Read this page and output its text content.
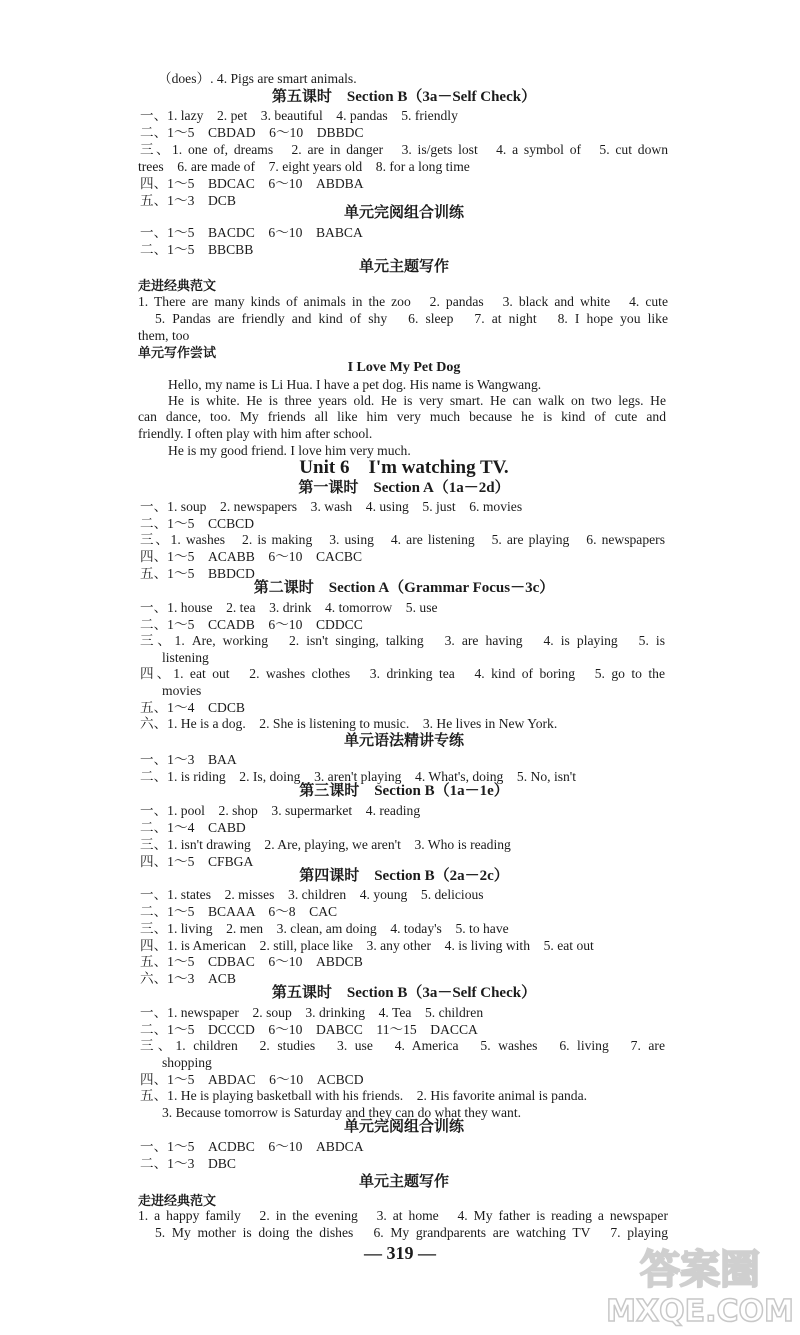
（does）. 4. Pigs are smart animals.
第五课时　Section B（3a－Self Check）
一、1. lazy　2. pet　3. beautiful　4. pandas　5. friendly
二、1～5　CBDAD　6～10　DBBDC
三、1. one of, dreams　2. are in danger　3. is/gets lost　4. a symbol of　5. cut down
trees　6. are made of　7. eight years old　8. for a long time
四、1～5　BDCAC　6～10　ABDBA
五、1～3　DCB
单元完阅组合训练
一、1～5　BACDC　6～10　BABCA
二、1～5　BBCBB
单元主题写作
走进经典范文
1. There are many kinds of animals in the zoo　2. pandas　3. black and white　4. cute
5. Pandas are friendly and kind of shy　6. sleep　7. at night　8. I hope you like
them, too
单元写作尝试
I Love My Pet Dog
Hello, my name is Li Hua. I have a pet dog. His name is Wangwang.
He is white. He is three years old. He is very smart. He can walk on two legs. He
can dance, too. My friends all like him very much because he is kind of cute and
friendly. I often play with him after school.
He is my good friend. I love him very much.
Unit 6　I'm watching TV.
第一课时　Section A（1a－2d）
一、1. soup　2. newspapers　3. wash　4. using　5. just　6. movies
二、1～5　CCBCD
三、1. washes　2. is making　3. using　4. are listening　5. are playing　6. newspapers
四、1～5　ACABB　6～10　CACBC
五、1～5　BBDCD
第二课时　Section A（Grammar Focus－3c）
一、1. house　2. tea　3. drink　4. tomorrow　5. use
二、1～5　CCADB　6～10　CDDCC
三、1. Are, working　2. isn't singing, talking　3. are having　4. is playing　5. is
listening
四、1. eat out　2. washes clothes　3. drinking tea　4. kind of boring　5. go to the
movies
五、1～4　CDCB
六、1. He is a dog.　2. She is listening to music.　3. He lives in New York.
单元语法精讲专练
一、1～3　BAA
二、1. is riding　2. Is, doing　3. aren't playing　4. What's, doing　5. No, isn't
第三课时　Section B（1a－1e）
一、1. pool　2. shop　3. supermarket　4. reading
二、1～4　CABD
三、1. isn't drawing　2. Are, playing, we aren't　3. Who is reading
四、1～5　CFBGA
第四课时　Section B（2a－2c）
一、1. states　2. misses　3. children　4. young　5. delicious
二、1～5　BCAAA　6～8　CAC
三、1. living　2. men　3. clean, am doing　4. today's　5. to have
四、1. is American　2. still, place like　3. any other　4. is living with　5. eat out
五、1～5　CDBAC　6～10　ABDCB
六、1～3　ACB
第五课时　Section B（3a－Self Check）
一、1. newspaper　2. soup　3. drinking　4. Tea　5. children
二、1～5　DCCCD　6～10　DABCC　11～15　DACCA
三、1. children　2. studies　3. use　4. America　5. washes　6. living　7. are
shopping
四、1～5　ABDAC　6～10　ACBCD
五、1. He is playing basketball with his friends.　2. His favorite animal is panda.
3. Because tomorrow is Saturday and they can do what they want.
单元完阅组合训练
一、1～5　ACDBC　6～10　ABDCA
二、1～3　DBC
单元主题写作
走进经典范文
1. a happy family　2. in the evening　3. at home　4. My father is reading a newspaper
5. My mother is doing the dishes　6. My grandparents are watching TV　7. playing
— 319 —	答案圈
MXQE.COM
